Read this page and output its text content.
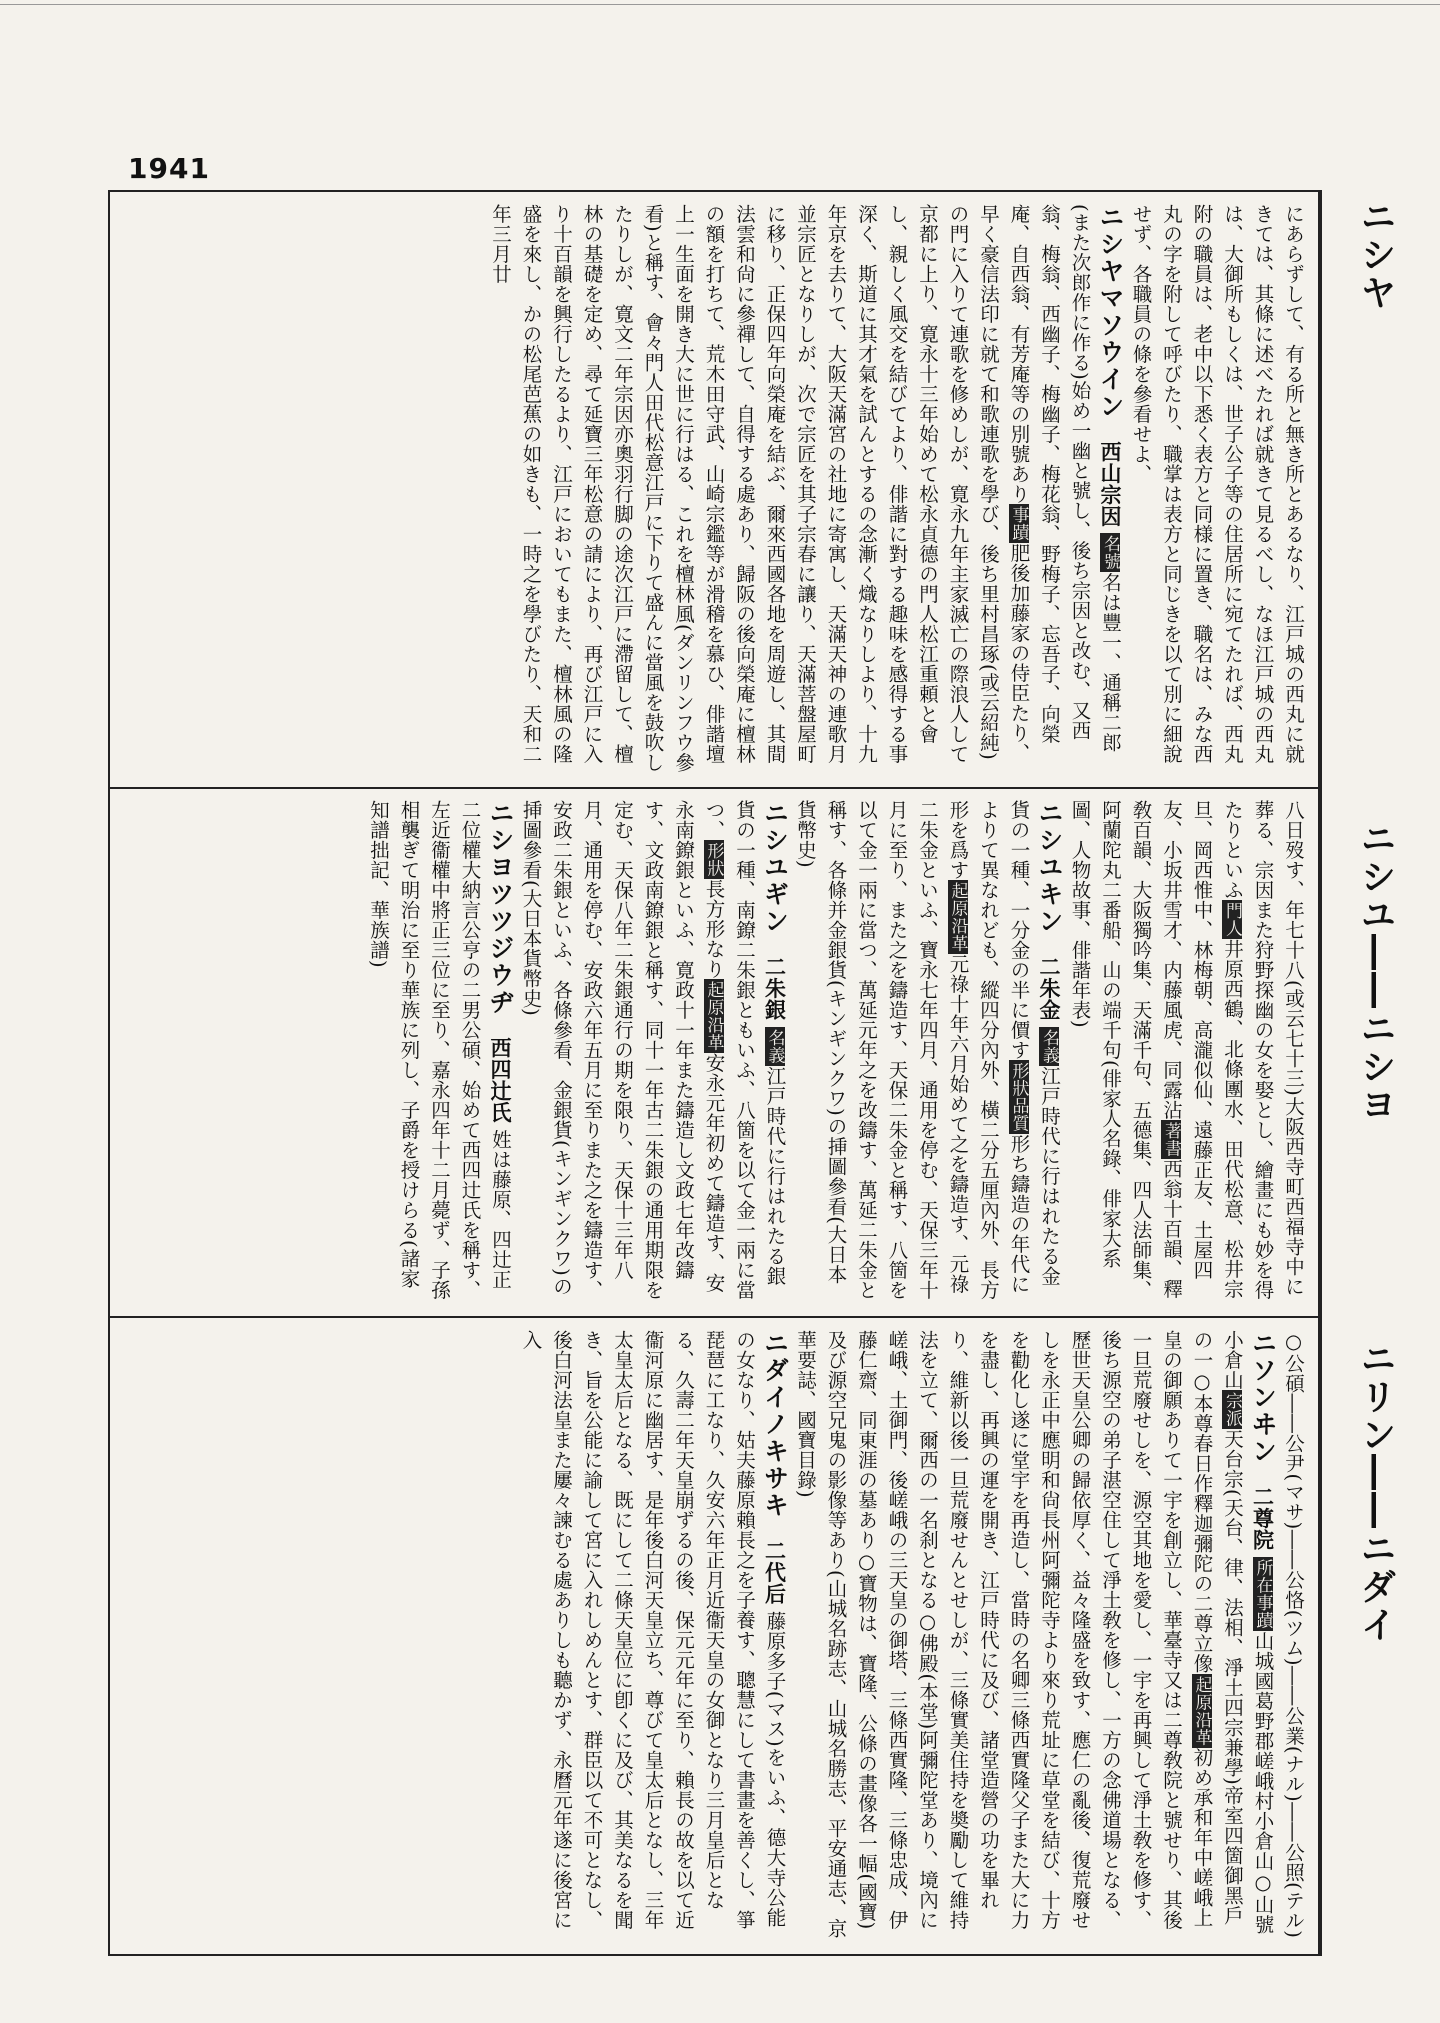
1941
ニシヤ
ニシユ――ニシヨ
ニリン――ニダイ

にあらずして、有る所と無き所とあるなり、江戸城の西丸に就きては、其條に述べたれば就きて見るべし、なほ江戸城の西丸は、大御所もしくは、世子公子等の住居所に宛てたれば、西丸附の職員は、老中以下悉く表方と同様に置き、職名は、みな西丸の字を附して呼びたり、職掌は表方と同じきを以て別に細說せず、各職員の條を參看せよ、

ニシヤマソウイン 西山宗因 名號名は豐一、通稱二郎(また次郎作に作る)始め一幽と號し、後ち宗因と改む、又西翁、梅翁、西幽子、梅幽子、梅花翁、野梅子、忘吾子、向榮庵、自西翁、有芳庵等の別號あり事蹟肥後加藤家の侍臣たり、早く豪信法印に就て和歌連歌を學び、後ち里村昌琢(或云紹純)の門に入りて連歌を修めしが、寛永九年主家滅亡の際浪人して京都に上り、寛永十三年始めて松永貞德の門人松江重頼と會し、親しく風交を結びてより、俳諧に對する趣味を感得する事深く、斯道に其才氣を試んとするの念漸く熾なりしより、十九年京を去りて、大阪天滿宮の社地に寄寓し、天滿天神の連歌月並宗匠となりしが、次で宗匠を其子宗春に讓り、天滿菩盤屋町に移り、正保四年向榮庵を結ぶ、爾來西國各地を周遊し、其間法雲和尙に參禪して、自得する處あり、歸阪の後向榮庵に檀林の額を打ちて、荒木田守武、山崎宗鑑等が滑稽を慕ひ、俳諧壇上一生面を開き大に世に行はる、これを檀林風(ダンリンフウ參看)と稱す、會々門人田代松意江戸に下りて盛んに當風を鼓吹したりしが、寛文二年宗因亦奧羽行脚の途次江戸に滯留して、檀林の基礎を定め、尋て延寶三年松意の請により、再び江戸に入り十百韻を興行したるより、江戸においてもまた、檀林風の隆盛を來し、かの松尾芭蕉の如きも、一時之を學びたり、天和二年三月廿

八日歿す、年七十八(或云七十三)大阪西寺町西福寺中に葬る、宗因また狩野探幽の女を娶とし、繪畫にも妙を得たりといふ門人井原西鶴、北條團水、田代松意、松井宗旦、岡西惟中、林梅朝、高瀧似仙、遠藤正友、土屋四友、小坂井雪才、内藤風虎、同露沾著書西翁十百韻、釋敎百韻、大阪獨吟集、天滿千句、五德集、四人法師集、阿蘭陀丸二番船、山の端千句(俳家人名錄、俳家大系圖、人物故事、俳諧年表)

ニシユキン 二朱金 名義江戸時代に行はれたる金貨の一種、一分金の半に價す形狀品質形ち鑄造の年代によりて異なれども、縱四分內外、橫二分五厘內外、長方形を爲す起原沿革元祿十年六月始めて之を鑄造す、元祿二朱金といふ、寶永七年四月、通用を停む、天保三年十月に至り、また之を鑄造す、天保二朱金と稱す、八箇を以て金一兩に當つ、萬延元年之を改鑄す、萬延二朱金と稱す、各條并金銀貨(キンギンクワ)の挿圖參看(大日本貨幣史)

ニシユギン 二朱銀 名義江戸時代に行はれたる銀貨の一種、南鐐二朱銀ともいふ、八箇を以て金一兩に當つ、形狀長方形なり起原沿革安永元年初めて鑄造す、安永南鐐銀といふ、寛政十一年また鑄造し文政七年改鑄す、文政南鐐銀と稱す、同十一年古二朱銀の通用期限を定む、天保八年二朱銀通行の期を限り、天保十三年八月、通用を停む、安政六年五月に至りまた之を鑄造す、安政二朱銀といふ、各條參看、金銀貨(キンギンクワ)の挿圖參看(大日本貨幣史)

ニシヨツツジウヂ 西四辻氏 姓は藤原、四辻正二位權大納言公亨の二男公碩、始めて西四辻氏を稱す、左近衞權中將正三位に至り、嘉永四年十二月薨ず、子孫相襲ぎて明治に至り華族に列し、子爵を授けらる(諸家知譜拙記、華族譜)

○公碩――公尹(マサ)――公恪(ツム)――公業(ナル)――公照(テル)

ニソンヰン 二尊院 所在事蹟山城國葛野郡嵯峨村小倉山○山號小倉山宗派天台宗(天台、律、法相、淨土四宗兼學)帝室四箇御黑戶の一○本尊春日作釋迦彌陀の二尊立像起原沿革初め承和年中嵯峨上皇の御願ありて一宇を創立し、華臺寺又は二尊敎院と號せり、其後一旦荒廢せしを、源空其地を愛し、一宇を再興して淨土敎を修す、後ち源空の弟子湛空住して淨土敎を修し、一方の念佛道場となる、歷世天皇公卿の歸依厚く、益々隆盛を致す、應仁の亂後、復荒廢せしを永正中應明和尙長州阿彌陀寺より來り荒址に草堂を結び、十方を勸化し遂に堂宇を再造し、當時の名卿三條西實隆父子また大に力を盡し、再興の運を開き、江戸時代に及び、諸堂造營の功を畢れり、維新以後一旦荒廢せんとせしが、三條實美住持を奬勵して維持法を立て、爾西の一名刹となる○佛殿(本堂)阿彌陀堂あり、境內に嵯峨、土御門、後嵯峨の三天皇の御塔、三條西實隆、三條忠成、伊藤仁齋、同東涯の墓あり○寶物は、寶隆、公條の畫像各一幅(國寶)及び源空兄鬼の影像等あり(山城名跡志、山城名勝志、平安通志、京華要誌、國寶目錄)

ニダイノキサキ 二代后 藤原多子(マス)をいふ、德大寺公能の女なり、姑夫藤原賴長之を子養す、聰慧にして書畫を善くし、箏琵琶に工なり、久安六年正月近衞天皇の女御となり三月皇后となる、久壽二年天皇崩ずるの後、保元元年に至り、賴長の故を以て近衞河原に幽居す、是年後白河天皇立ち、尊びて皇太后となし、三年太皇太后となる、既にして二條天皇位に卽くに及び、其美なるを聞き、旨を公能に諭して宮に入れしめんとす、群臣以て不可となし、後白河法皇また屢々諫むる處ありしも聽かず、永曆元年遂に後宮に入
